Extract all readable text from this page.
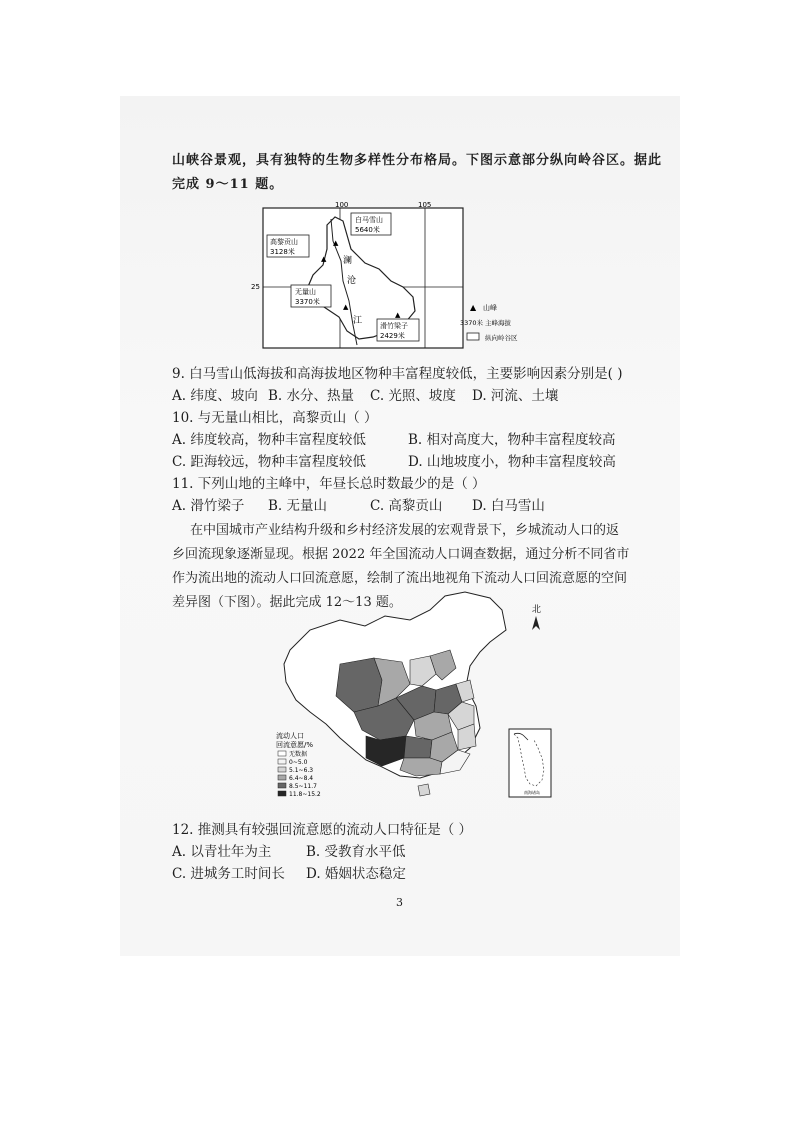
山峡谷景观，具有独特的生物多样性分布格局。下图示意部分纵向岭谷区。据此
完成 9～11 题。
100	105
25
澜
沧
江
▲
▲
▲
▲
白马雪山
5640米
高黎贡山
3128米
无量山
3370米
滑竹梁子
2429米
▲ 山峰
3370米 主峰海拔
纵向岭谷区
9. 白马雪山低海拔和高海拔地区物种丰富程度较低，主要影响因素分别是( )
A. 纬度、坡向 B. 水分、热量 C. 光照、坡度 D. 河流、土壤
10. 与无量山相比，高黎贡山（ ）
A. 纬度较高，物种丰富程度较低	B. 相对高度大，物种丰富程度较高
C. 距海较远，物种丰富程度较低	D. 山地坡度小，物种丰富程度较高
11. 下列山地的主峰中，年昼长总时数最少的是（ ）
A. 滑竹梁子 B. 无量山	C. 高黎贡山 D. 白马雪山
在中国城市产业结构升级和乡村经济发展的宏观背景下，乡城流动人口的返
乡回流现象逐渐显现。根据 2022 年全国流动人口调查数据，通过分析不同省市
作为流出地的流动人口回流意愿，绘制了流出地视角下流动人口回流意愿的空间
差异图（下图）。据此完成 12～13 题。	北
流动人口
回流意愿/%
无数据
0~5.0
5.1~6.3
6.4~8.4
8.5~11.7
11.8~15.2	南海诸岛
12. 推测具有较强回流意愿的流动人口特征是（ ）
A. 以青壮年为主	B. 受教育水平低
C. 进城务工时间长 D. 婚姻状态稳定
3
